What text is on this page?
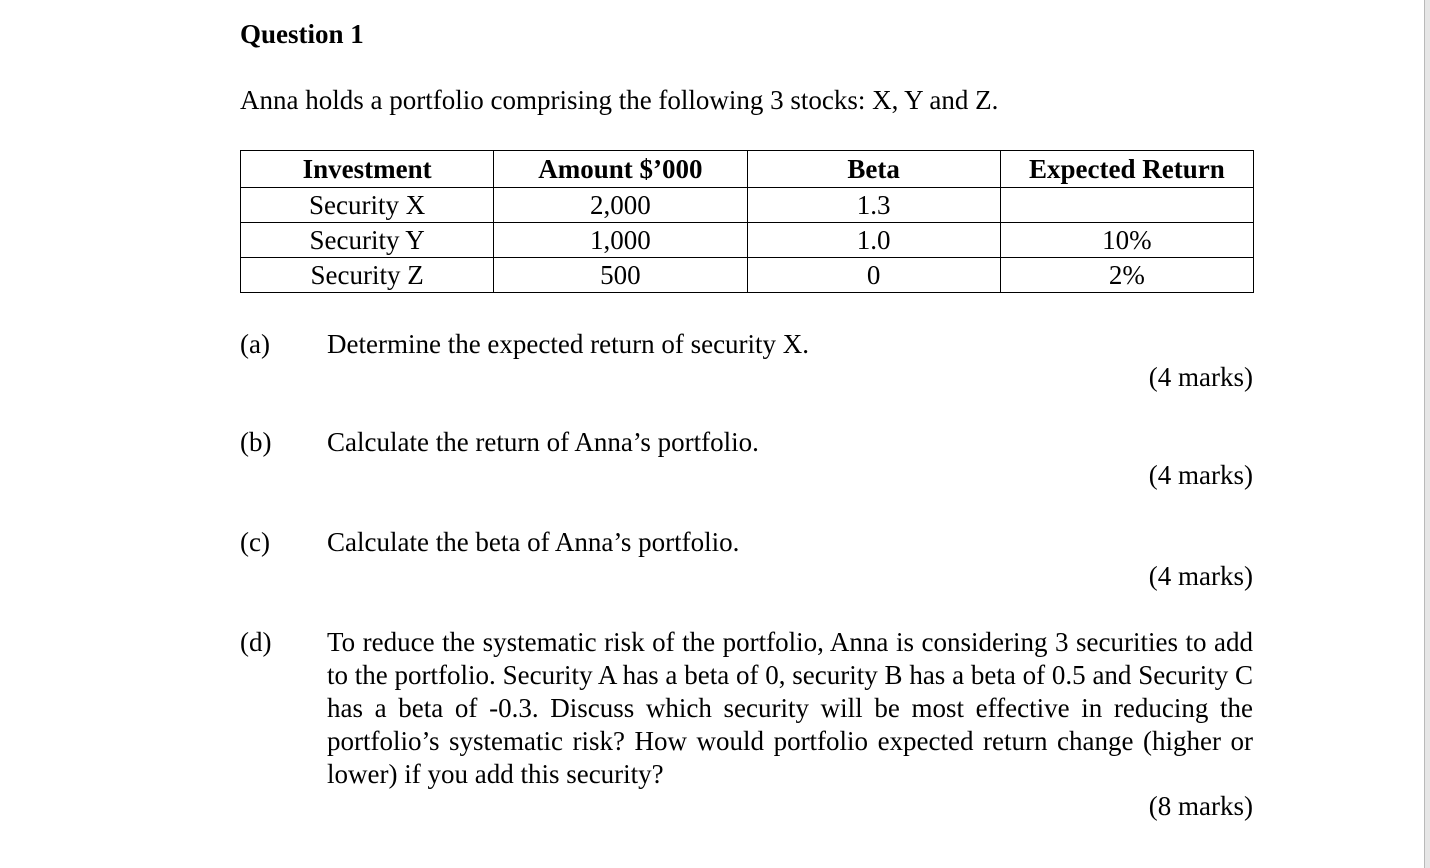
Question 1
Anna holds a portfolio comprising the following 3 stocks: X, Y and Z.
Investment	Amount $’000	Beta	Expected Return
Security X	2,000	1.3	
Security Y	1,000	1.0	10%
Security Z	500	0	2%
(a) Determine the expected return of security X.
(4 marks)
(b) Calculate the return of Anna’s portfolio.
(4 marks)
(c) Calculate the beta of Anna’s portfolio.
(4 marks)
(d) To reduce the systematic risk of the portfolio, Anna is considering 3 securities to add to the portfolio. Security A has a beta of 0, security B has a beta of 0.5 and Security C has a beta of -0.3. Discuss which security will be most effective in reducing the portfolio’s systematic risk? How would portfolio expected return change (higher or lower) if you add this security?
(8 marks)
